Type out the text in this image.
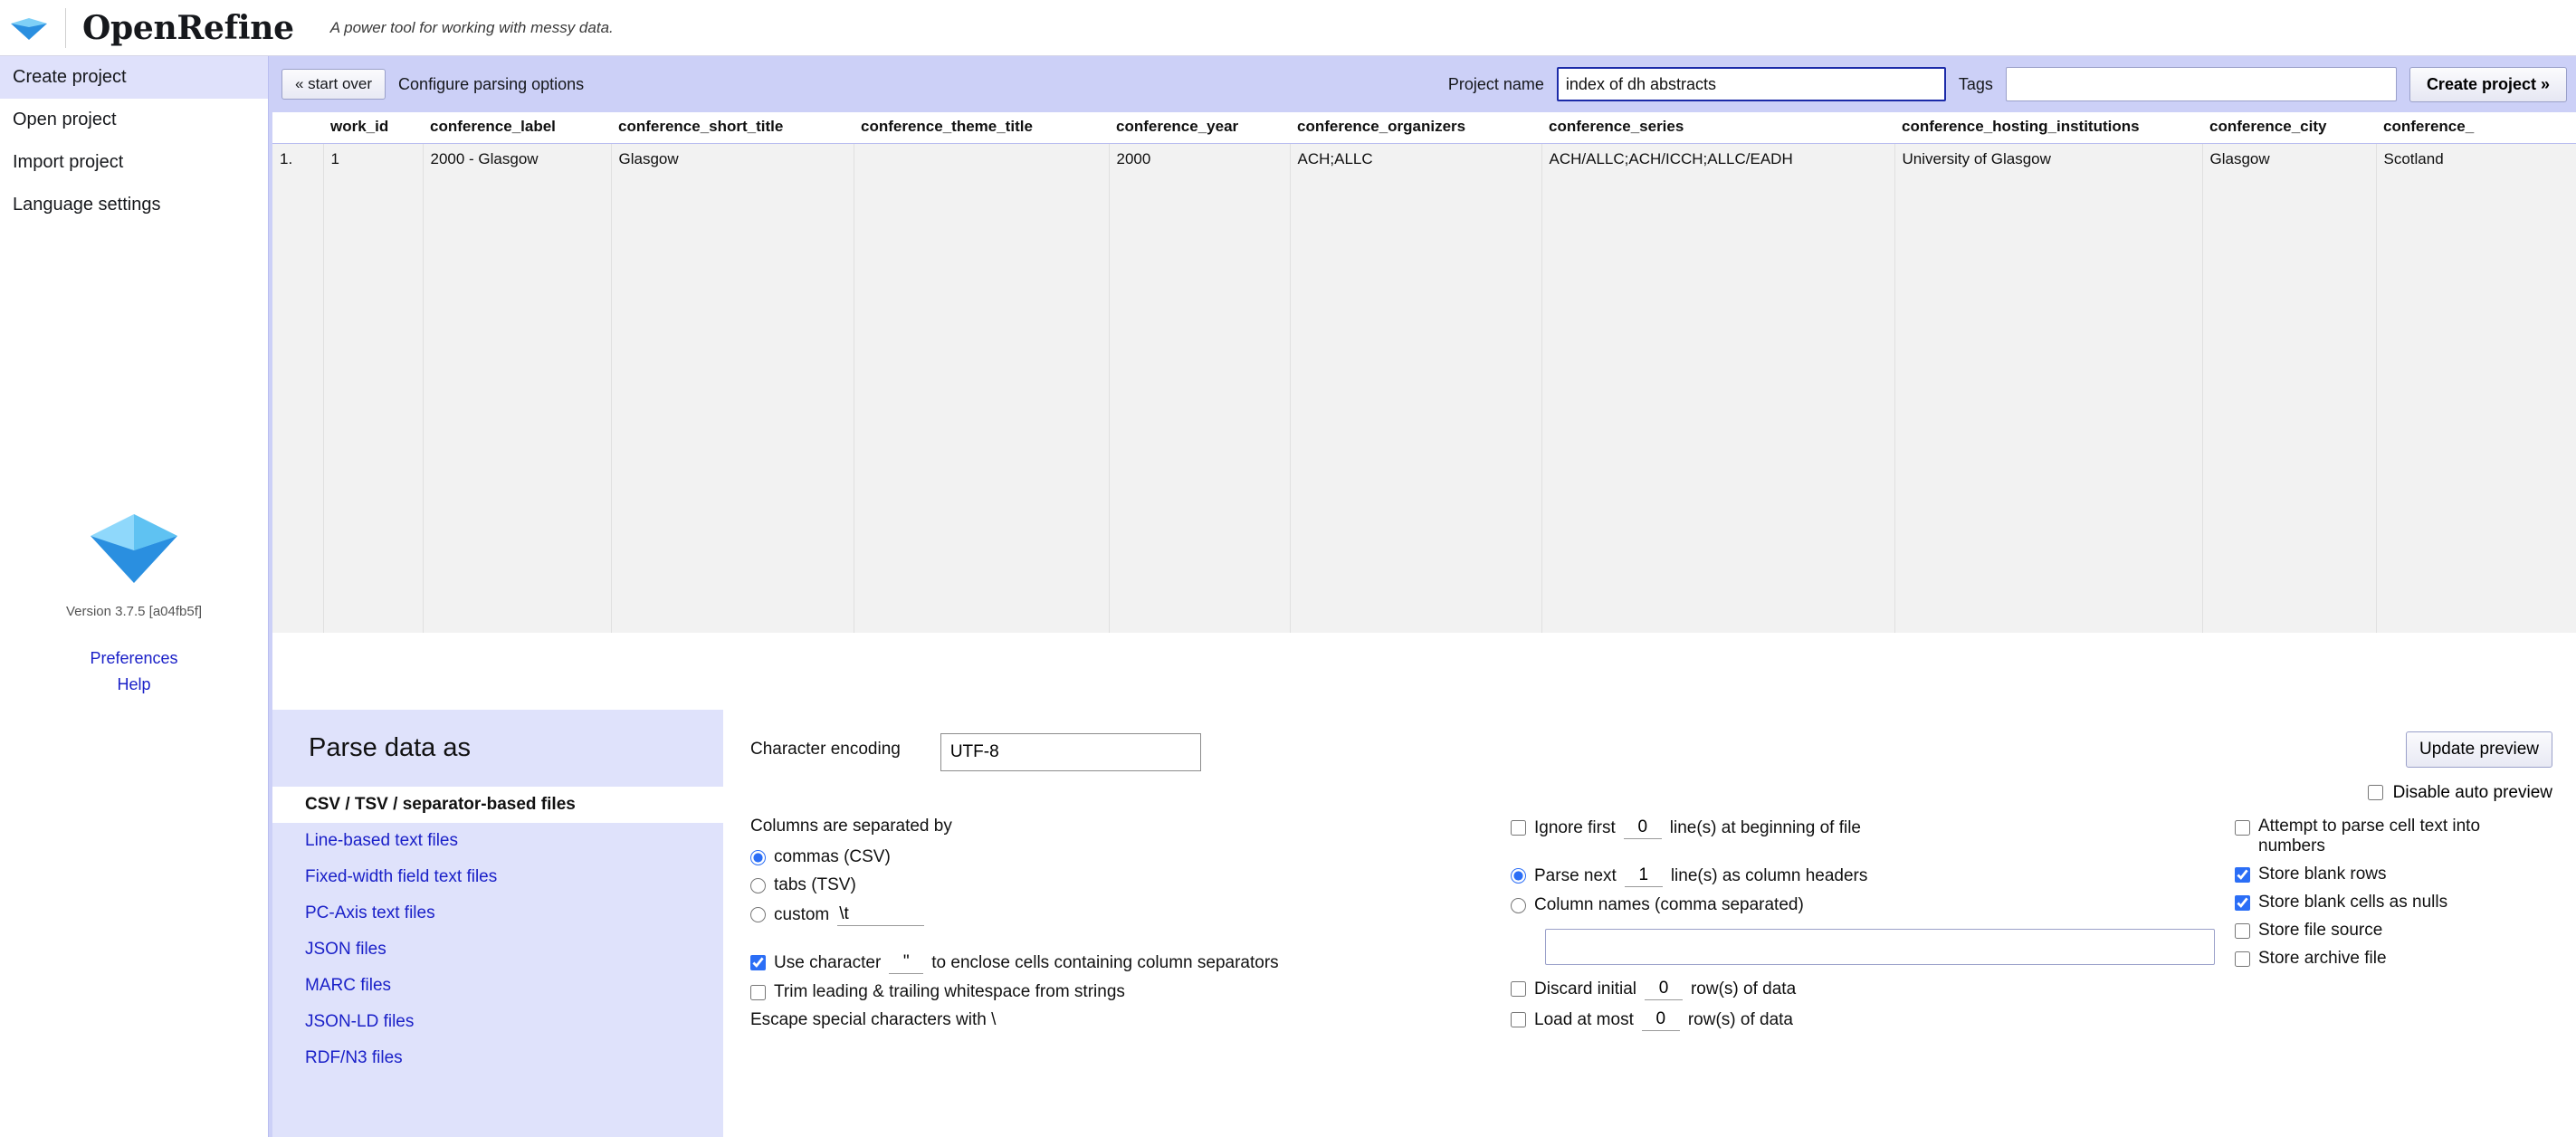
OpenRefine A power tool for working with messy data.
Create project
Open project
Import project
Language settings
Version 3.7.5 [a04fb5f]
Preferences
Help
« start over	Configure parsing options	Project name
index of dh abstracts	Tags	Create project »
	work_id	conference_label	conference_short_title	conference_theme_title	conference_year	conference_organizers	conference_series	conference_hosting_institutions	conference_city	conference_
1.	1	2000 - Glasgow	Glasgow		2000	ACH;ALLC	ACH/ALLC;ACH/ICCH;ALLC/EADH	University of Glasgow	Glasgow	Scotland
Parse data as
CSV / TSV / separator-based files
Line-based text files
Fixed-width field text files
PC-Axis text files
JSON files
MARC files
JSON-LD files
RDF/N3 files
Character encoding
UTF-8	Update preview
Disable auto preview
Columns are separated by
commas (CSV)
tabs (TSV)
custom
\t
Use character
"	to enclose cells containing column separators
Trim leading & trailing whitespace from strings
Escape special characters with \
Ignore first
0	line(s) at beginning of file
Parse next
1	line(s) as column headers
Column names (comma separated)
Discard initial
0	row(s) of data
Load at most
0	row(s) of data
Attempt to parse cell text into numbers
Store blank rows
Store blank cells as nulls
Store file source
Store archive file
